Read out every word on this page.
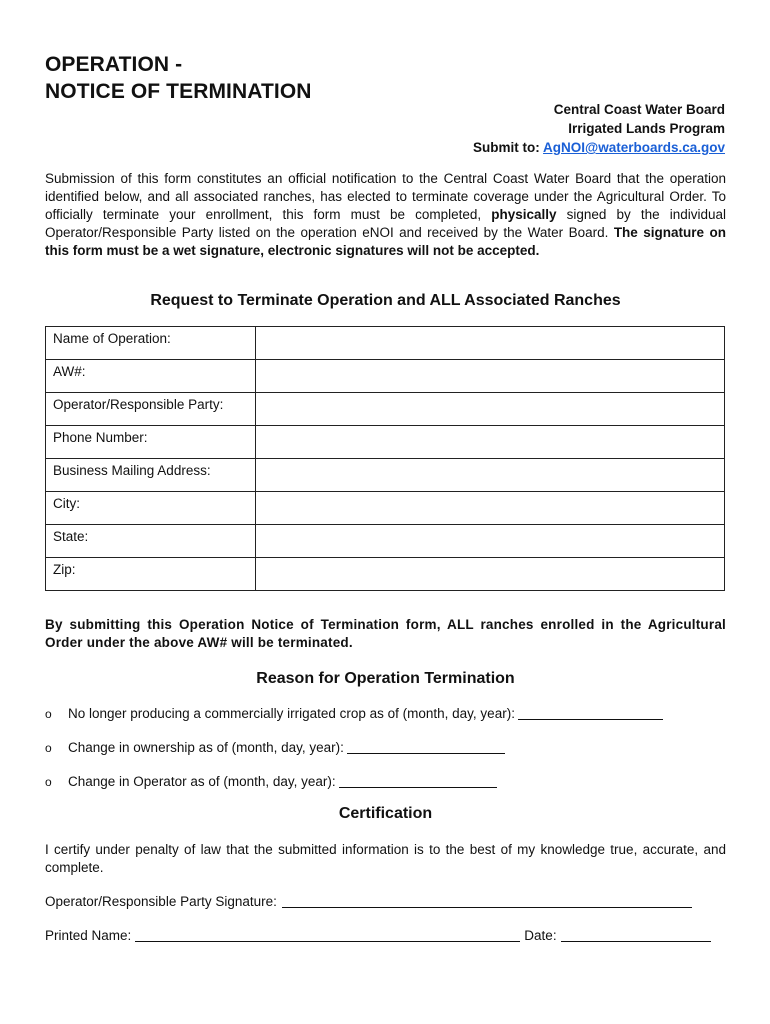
OPERATION -
NOTICE OF TERMINATION
Central Coast Water Board
Irrigated Lands Program
Submit to: AgNOI@waterboards.ca.gov

Submission of this form constitutes an official notification to the Central Coast Water Board that the operation identified below, and all associated ranches, has elected to terminate coverage under the Agricultural Order. To officially terminate your enrollment, this form must be completed, physically signed by the individual Operator/Responsible Party listed on the operation eNOI and received by the Water Board. The signature on this form must be a wet signature, electronic signatures will not be accepted.

Request to Terminate Operation and ALL Associated Ranches
Name of Operation:	
AW#:	
Operator/Responsible Party:	
Phone Number:	
Business Mailing Address:	
City:	
State:	
Zip:	

By submitting this Operation Notice of Termination form, ALL ranches enrolled in the Agricultural Order under the above AW# will be terminated.

Reason for Operation Termination
o	No longer producing a commercially irrigated crop as of (month, day, year):
o	Change in ownership as of (month, day, year):
o	Change in Operator as of (month, day, year):
Certification

I certify under penalty of law that the submitted information is to the best of my knowledge true, accurate, and complete.

Operator/Responsible Party Signature:
Printed Name:	Date:
